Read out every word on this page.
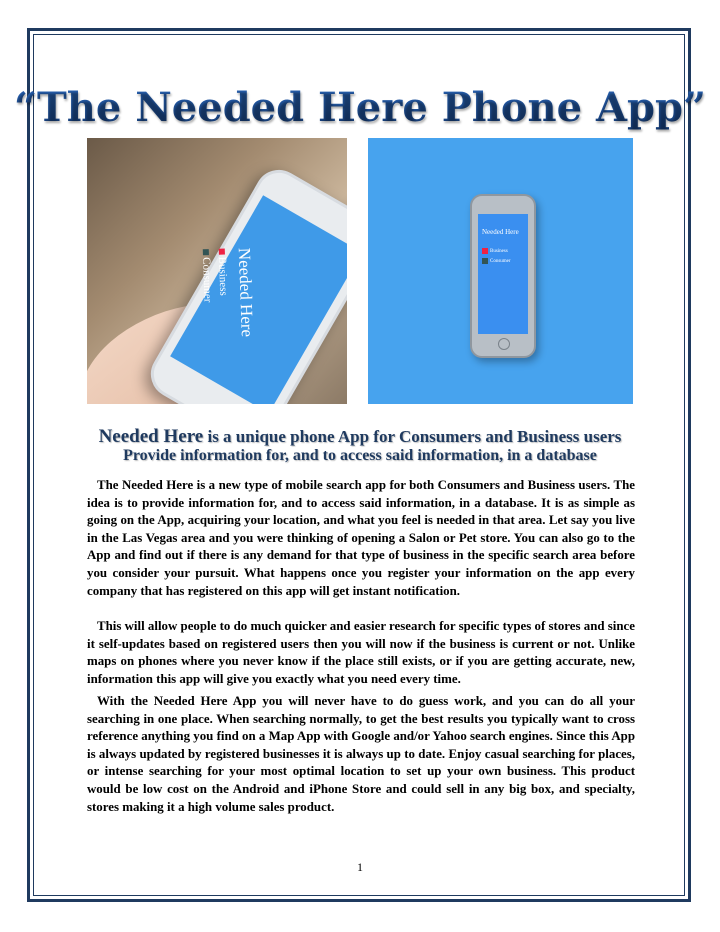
“The Needed Here Phone App”
Needed Here
Business
Consumer
Needed Here
Business
Consumer
Needed Here is a unique phone App for Consumers and Business users
Provide information for, and to access said information, in a database

The Needed Here is a new type of mobile search app for both Consumers and Business users. The idea is to provide information for, and to access said information, in a database. It is as simple as going on the App, acquiring your location, and what you feel is needed in that area. Let say you live in the Las Vegas area and you were thinking of opening a Salon or Pet store. You can also go to the App and find out if there is any demand for that type of business in the specific search area before you consider your pursuit. What happens once you register your information on the app every company that has registered on this app will get instant notification.

This will allow people to do much quicker and easier research for specific types of stores and since it self-updates based on registered users then you will now if the business is current or not. Unlike maps on phones where you never know if the place still exists, or if you are getting accurate, new, information this app will give you exactly what you need every time.

With the Needed Here App you will never have to do guess work, and you can do all your searching in one place. When searching normally, to get the best results you typically want to cross reference anything you find on a Map App with Google and/or Yahoo search engines. Since this App is always updated by registered businesses it is always up to date. Enjoy casual searching for places, or intense searching for your most optimal location to set up your own business. This product would be low cost on the Android and iPhone Store and could sell in any big box, and specialty, stores making it a high volume sales product.

1
